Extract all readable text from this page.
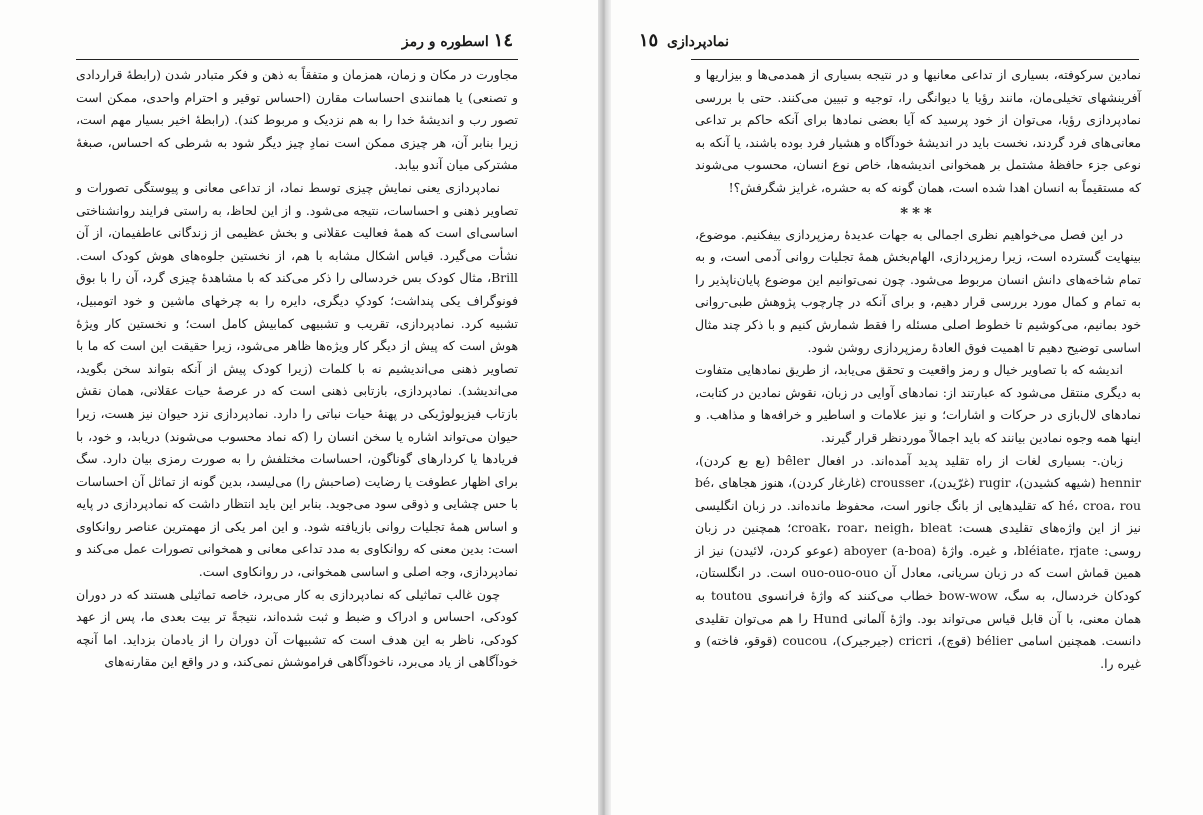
١٤ اسطوره و رمز

مجاورت در مکان و زمان، همزمان و متفقاً به ذهن و فکر متبادر شدن (رابطهٔ قراردادی و تصنعی) یا همانندی احساسات مقارن (احساس توقیر و احترام واحدی، ممکن است تصور رب و اندیشهٔ خدا را به هم نزدیک و مربوط کند). (رابطهٔ اخیر بسیار مهم است، زیرا بنابر آن، هر چیزی ممکن است نمادِ چیز دیگر شود به شرطی که احساس، صبغهٔ مشترکی میان آندو بیابد.

نمادپردازی یعنی نمایش چیزی توسط نماد، از تداعی معانی و پیوستگی تصورات و تصاویر ذهنی و احساسات، نتیجه می‌شود. و از این لحاظ، به راستی فرایند روانشناختی اساسی‌ای است که همهٔ فعالیت عقلانی و بخش عظیمی از زندگانی عاطفیمان، از آن نشأت می‌گیرد. قیاس اشکال مشابه با هم، از نخستین جلوه‌های هوش کودک است. Brill، مثال کودک بس خردسالی را ذکر می‌کند که با مشاهدهٔ چیزی گرد، آن را با بوق فونوگراف یکی پنداشت؛ کودکِ دیگری، دایره را به چرخهای ماشین و خود اتومبیل، تشبیه کرد. نمادپردازی، تقریب و تشبیهی کمابیش کامل است؛ و نخستین کار ویژهٔ هوش است که پیش از دیگر کار ویژه‌ها ظاهر می‌شود، زیرا حقیقت این است که ما با تصاویر ذهنی می‌اندیشیم نه با کلمات (زیرا کودک پیش از آنکه بتواند سخن بگوید، می‌اندیشد). نمادپردازی، بازتابی ذهنی است که در عرصهٔ حیات عقلانی، همان نقش بازتاب فیزیولوژیکی در پهنهٔ حیات نباتی را دارد. نمادپردازی نزد حیوان نیز هست، زیرا حیوان می‌تواند اشاره یا سخن انسان را (که نماد محسوب می‌شوند) دریابد، و خود، با فریادها یا کردارهای گوناگون، احساسات مختلفش را به صورت رمزی بیان دارد. سگ برای اظهار عطوفت یا رضایت (صاحبش را) می‌لیسد، بدین گونه از تماثل آن احساسات با حس چشایی و ذوقی سود می‌جوید. بنابر این باید انتظار داشت که نمادپردازی در پایه و اساس همهٔ تجلیات روانی بازیافته شود. و این امر یکی از مهمترین عناصر روانکاوی است: بدین معنی که روانکاوی به مدد تداعی معانی و همخوانی تصورات عمل می‌کند و نمادپردازی، وجه اصلی و اساسی همخوانی، در روانکاوی است.

چون غالب تماثیلی که نمادپردازی به کار می‌برد، خاصه تماثیلی هستند که در دوران کودکی، احساس و ادراک و ضبط و ثبت شده‌اند، نتیجةً تر بیت بعدی ما، پس از عهد کودکی، ناظر به این هدف است که تشبیهات آن دوران را از یادمان بزداید. اما آنچه خودآگاهی از یاد می‌برد، ناخودآگاهی فراموشش نمی‌کند، و در واقع این مقارنه‌های

نمادپردازی ١٥

نمادین سرکوفته، بسیاری از تداعی معانیها و در نتیجه بسیاری از همدمی‌ها و بیزاریها و آفرینشهای تخیلی‌مان، مانند رؤیا یا دیوانگی را، توجیه و تبیین می‌کنند. حتی با بررسی نمادپردازی رؤیا، می‌توان از خود پرسید که آیا بعضی نمادها برای آنکه حاکم بر تداعی معانی‌های فرد گردند، نخست باید در اندیشهٔ خودآگاه و هشیار فرد بوده باشند، یا آنکه به نوعی جزء حافظهٔ مشتمل بر همخوانی اندیشه‌ها، خاص نوع انسان، محسوب می‌شوند که مستقیماً به انسان اهدا شده است، همان گونه که به حشره، غرایز شگرفش؟!

***

در این فصل می‌خواهیم نظری اجمالی به جهات عدیدهٔ رمزپردازی بیفکنیم. موضوع، بینهایت گسترده است، زیرا رمزپردازی، الهام‌بخش همهٔ تجلیات روانی آدمی است، و به تمام شاخه‌های دانش انسان مربوط می‌شود. چون نمی‌توانیم این موضوع پایان‌ناپذیر را به تمام و کمال مورد بررسی قرار دهیم، و برای آنکه در چارچوب پژوهش طبی-روانی خود بمانیم، می‌کوشیم تا خطوط اصلی مسئله را فقط شمارش کنیم و با ذکر چند مثال اساسی توضیح دهیم تا اهمیت فوق العادهٔ رمزپردازی روشن شود.

اندیشه که با تصاویر خیال و رمز واقعیت و تحقق می‌یابد، از طریق نمادهایی متفاوت به دیگری منتقل می‌شود که عبارتند از: نمادهای آوایی در زبان، نقوش نمادین در کتابت، نمادهای لال‌بازی در حرکات و اشارات؛ و نیز علامات و اساطیر و خرافه‌ها و مذاهب. و اینها همه وجوه نمادین بیانند که باید اجمالاً موردنظر قرار گیرند.

زبان.- بسیاری لغات از راه تقلید پدید آمده‌اند. در افعال bêler (بع بع کردن)، hennir (شیهه کشیدن)، rugir (غرّیدن)، crousser (غارغار کردن)، هنوز هجاهای bé، hé، croa، rou که تقلیدهایی از بانگ جانور است، محفوظ مانده‌اند. در زبان انگلیسی نیز از این واژه‌های تقلیدی هست: croak، roar، neigh، bleat؛ همچنین در زبان روسی: bléiate، rjate، و غیره. واژهٔ aboyer (a-boa) (عوعو کردن، لائیدن) نیز از همین قماش است که در زبان سریانی، معادل آن ouo-ouo-ouo است. در انگلستان، کودکان خردسال، به سگ، bow-wow خطاب می‌کنند که واژهٔ فرانسوی toutou به همان معنی، با آن قابل قیاس می‌تواند بود. واژهٔ آلمانی Hund را هم می‌توان تقلیدی دانست. همچنین اسامی bélier (قوچ)، cricri (جیرجیرک)، coucou (قوقو، فاخته) و غیره را.
